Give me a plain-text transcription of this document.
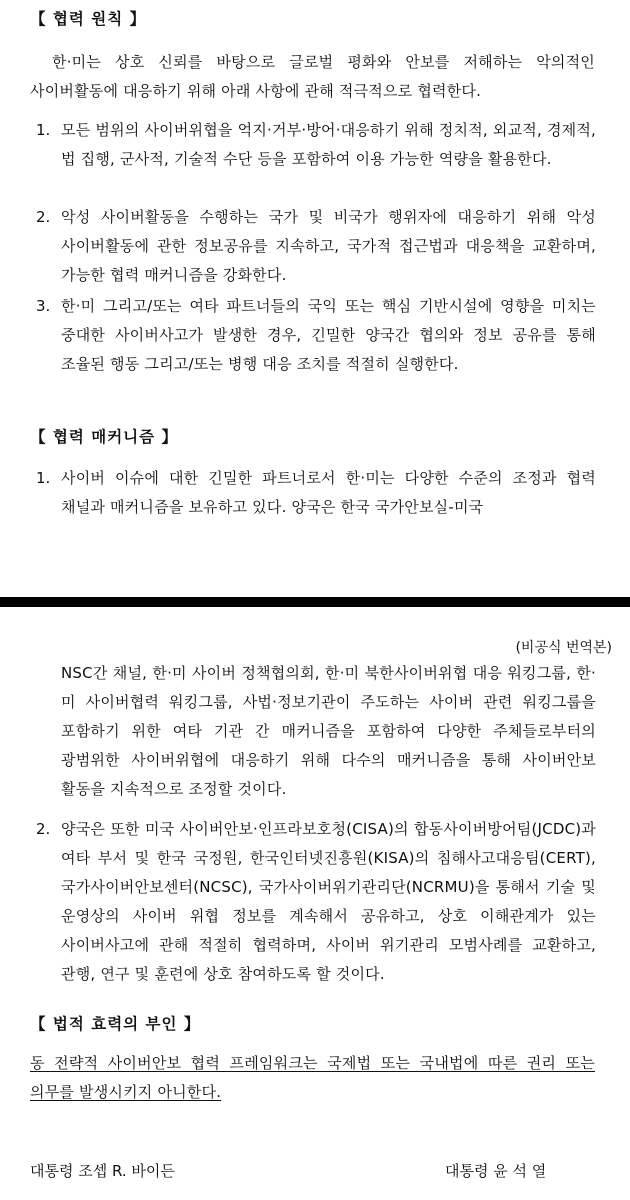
【 협력 원칙 】
한·미는 상호 신뢰를 바탕으로 글로벌 평화와 안보를 저해하는 악의적인 사이버활동에 대응하기 위해 아래 사항에 관해 적극적으로 협력한다.
1. 모든 범위의 사이버위협을 억지·거부·방어·대응하기 위해 정치적, 외교적, 경제적, 법 집행, 군사적, 기술적 수단 등을 포함하여 이용 가능한 역량을 활용한다.
2. 악성 사이버활동을 수행하는 국가 및 비국가 행위자에 대응하기 위해 악성 사이버활동에 관한 정보공유를 지속하고, 국가적 접근법과 대응책을 교환하며, 가능한 협력 매커니즘을 강화한다.
3. 한·미 그리고/또는 여타 파트너들의 국익 또는 핵심 기반시설에 영향을 미치는 중대한 사이버사고가 발생한 경우, 긴밀한 양국간 협의와 정보 공유를 통해 조율된 행동 그리고/또는 병행 대응 조치를 적절히 실행한다.
【 협력 매커니즘 】
1. 사이버 이슈에 대한 긴밀한 파트너로서 한·미는 다양한 수준의 조정과 협력 채널과 매커니즘을 보유하고 있다. 양국은 한국 국가안보실-미국
(비공식 번역본)
NSC간 채널, 한·미 사이버 정책협의회, 한·미 북한사이버위협 대응 워킹그룹, 한·미 사이버협력 워킹그룹, 사법·정보기관이 주도하는 사이버 관련 워킹그룹을 포함하기 위한 여타 기관 간 매커니즘을 포함하여 다양한 주체들로부터의 광범위한 사이버위협에 대응하기 위해 다수의 매커니즘을 통해 사이버안보 활동을 지속적으로 조정할 것이다.
2. 양국은 또한 미국 사이버안보·인프라보호청(CISA)의 합동사이버방어팀(JCDC)과 여타 부서 및 한국 국정원, 한국인터넷진흥원(KISA)의 침해사고대응팀(CERT), 국가사이버안보센터(NCSC), 국가사이버위기관리단(NCRMU)을 통해서 기술 및 운영상의 사이버 위협 정보를 계속해서 공유하고, 상호 이해관계가 있는 사이버사고에 관해 적절히 협력하며, 사이버 위기관리 모범사례를 교환하고, 관행, 연구 및 훈련에 상호 참여하도록 할 것이다.
【 법적 효력의 부인 】
동 전략적 사이버안보 협력 프레임워크는 국제법 또는 국내법에 따른 권리 또는 의무를 발생시키지 아니한다.
대통령 조셉 R. 바이든	대통령 윤 석 열
